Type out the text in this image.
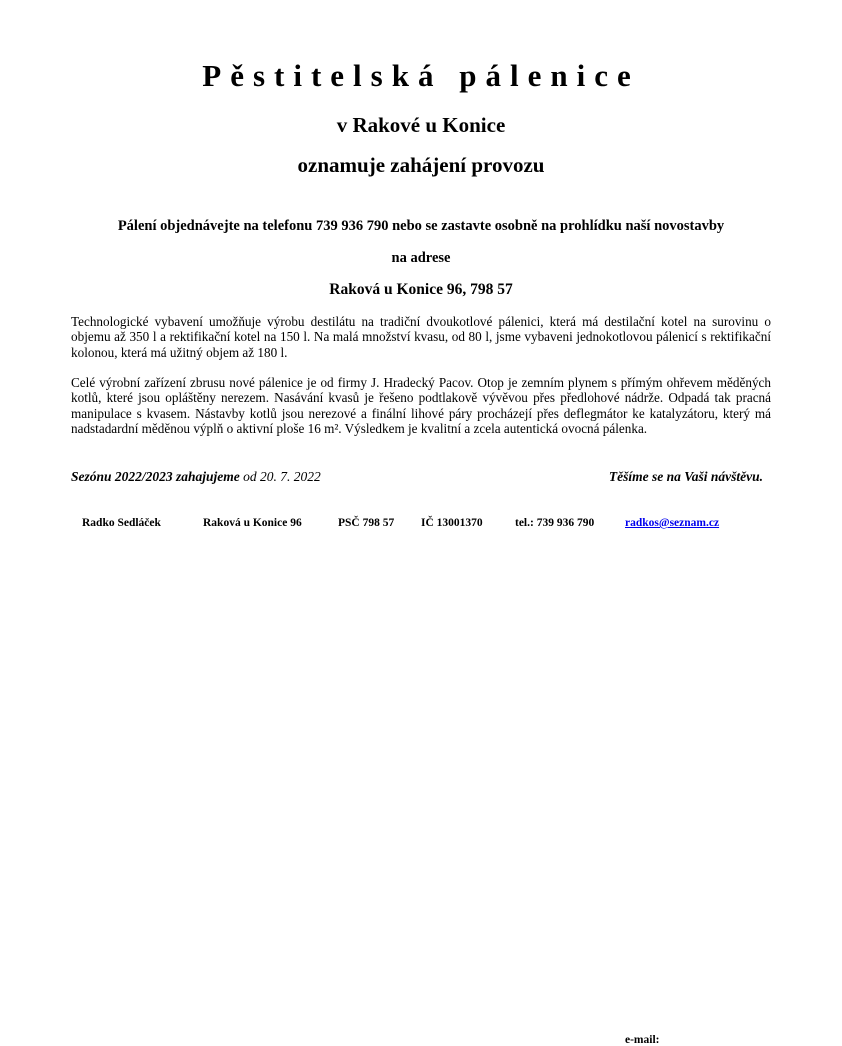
Pěstitelská pálenice
v Rakové u Konice
oznamuje zahájení provozu
Pálení objednávejte na telefonu 739 936 790 nebo se zastavte osobně na prohlídku naší novostavby
na adrese
Raková u Konice 96, 798 57
Technologické vybavení umožňuje výrobu destilátu na tradiční dvoukotlové pálenici, která má destilační kotel na surovinu o objemu až 350 l a rektifikační kotel na 150 l. Na malá množství kvasu, od 80 l, jsme vybaveni jednokotlovou pálenicí s rektifikační kolonou, která má užitný objem až 180 l.
Celé výrobní zařízení zbrusu nové pálenice je od firmy J. Hradecký Pacov. Otop je zemním plynem s přímým ohřevem měděných kotlů, které jsou opláštěny nerezem. Nasávání kvasů je řešeno podtlakově vývěvou přes předlohové nádrže. Odpadá tak pracná manipulace s kvasem. Nástavby kotlů jsou nerezové a finální lihové páry procházejí přes deflegmátor ke katalyzátoru, který má nadstadardní měděnou výplň o aktivní ploše 16 m². Výsledkem je kvalitní a zcela autentická ovocná pálenka.
Sezónu 2022/2023 zahajujeme od 20. 7. 2022	Těšíme se na Vaši návštěvu.
Radko Sedláček	Raková u Konice 96	PSČ 798 57 IČ 13001370	tel.: 739 936 790
e-mail:
radkos@seznam.cz
